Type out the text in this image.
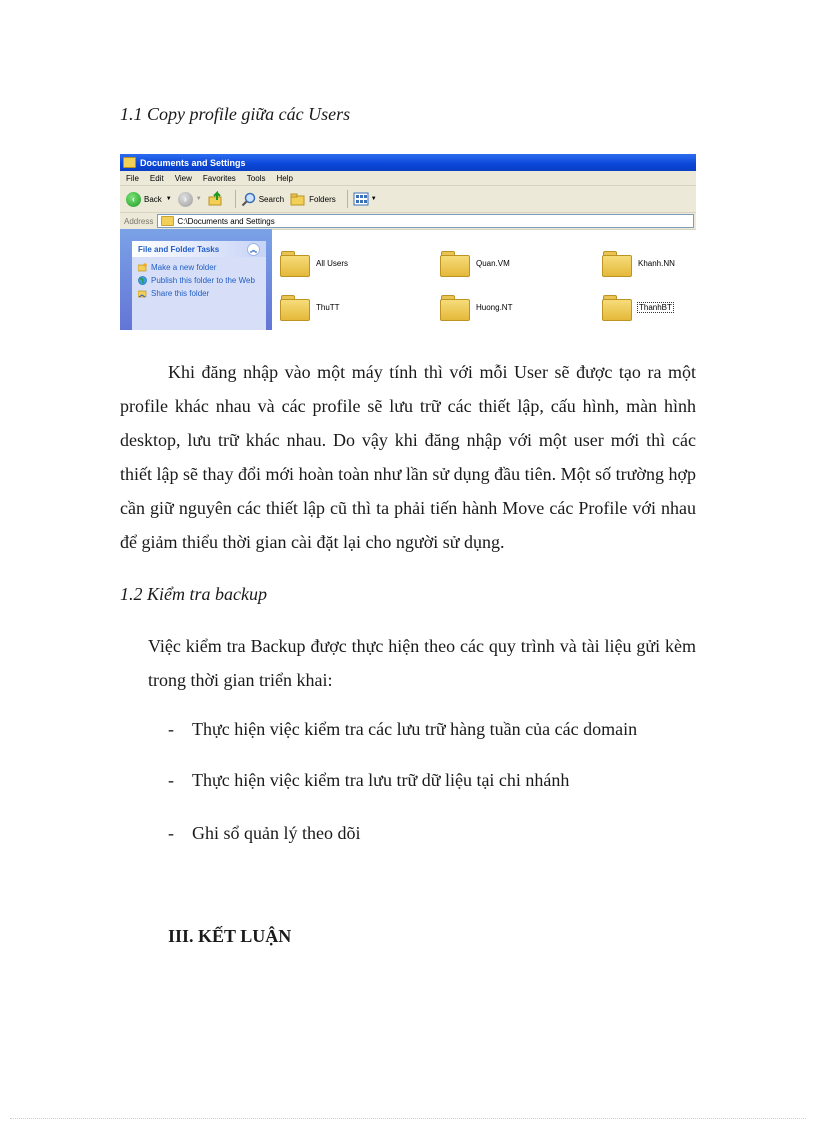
1.1 Copy profile giữa các Users
Documents and Settings
File Edit View Favorites Tools Help
‹	Back ▼	›	▼	Search	Folders	▼
Address	C:\Documents and Settings
File and Folder Tasks	︽
Make a new folder
Publish this folder to the Web
Share this folder
All Users	Quan.VM	Khanh.NN
ThuTT	Huong.NT	ThanhBT
Khi đăng nhập vào một máy tính thì với mỗi User sẽ được tạo ra một profile khác nhau và các profile sẽ lưu trữ các thiết lập, cấu hình, màn hình desktop, lưu trữ khác nhau. Do vậy khi đăng nhập với một user mới thì các thiết lập sẽ thay đổi mới hoàn toàn như lần sử dụng đầu tiên. Một số trường hợp cần giữ nguyên các thiết lập cũ thì ta phải tiến hành Move các Profile với nhau để giảm thiểu thời gian cài đặt lại cho người sử dụng.
1.2 Kiểm tra backup
Việc kiểm tra Backup được thực hiện theo các quy trình và tài liệu gửi kèm trong thời gian triển khai:
- Thực hiện việc kiểm tra các lưu trữ hàng tuần của các domain
- Thực hiện việc kiểm tra lưu trữ dữ liệu tại chi nhánh
- Ghi sổ quản lý theo dõi
III. KẾT LUẬN
